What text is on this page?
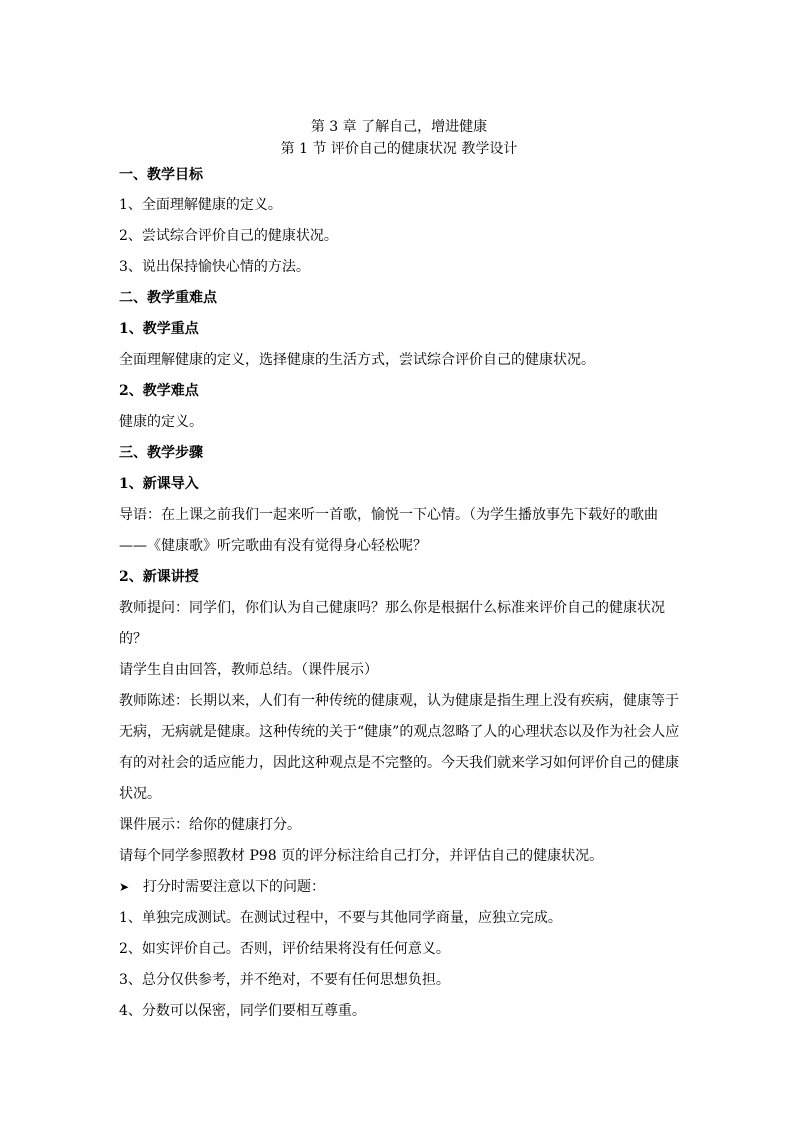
第 3 章 了解自己，增进健康

第 1 节 评价自己的健康状况 教学设计

一、教学目标

1、全面理解健康的定义。

2、尝试综合评价自己的健康状况。

3、说出保持愉快心情的方法。

二、教学重难点

1、教学重点

全面理解健康的定义，选择健康的生活方式，尝试综合评价自己的健康状况。

2、教学难点

健康的定义。

三、教学步骤

1、新课导入

导语：在上课之前我们一起来听一首歌，愉悦一下心情。（为学生播放事先下载好的歌曲

——《健康歌》听完歌曲有没有觉得身心轻松呢？

2、新课讲授

教师提问：同学们，你们认为自己健康吗？那么你是根据什么标准来评价自己的健康状况

的？

请学生自由回答，教师总结。（课件展示）

教师陈述：长期以来，人们有一种传统的健康观，认为健康是指生理上没有疾病，健康等于

无病，无病就是健康。这种传统的关于“健康”的观点忽略了人的心理状态以及作为社会人应

有的对社会的适应能力，因此这种观点是不完整的。今天我们就来学习如何评价自己的健康

状况。

课件展示：给你的健康打分。

请每个同学参照教材 P98 页的评分标注给自己打分，并评估自己的健康状况。

➤ 打分时需要注意以下的问题：

1、单独完成测试。在测试过程中，不要与其他同学商量，应独立完成。

2、如实评价自己。否则，评价结果将没有任何意义。

3、总分仅供参考，并不绝对，不要有任何思想负担。

4、分数可以保密，同学们要相互尊重。
